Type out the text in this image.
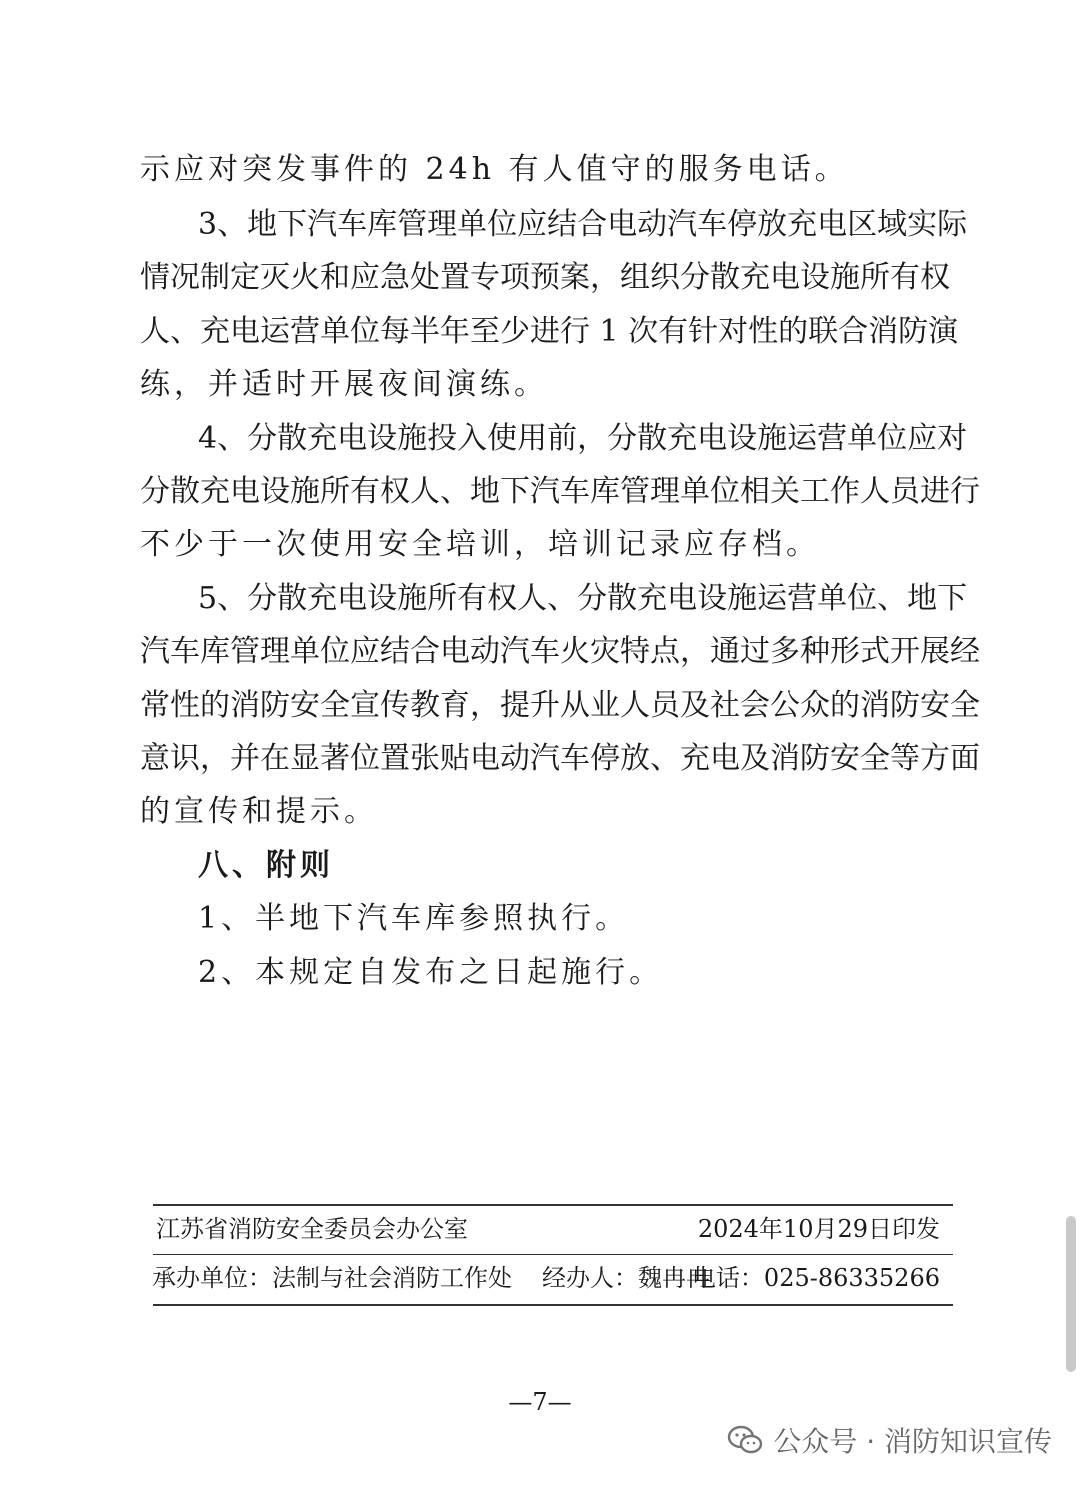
示应对突发事件的 24h 有人值守的服务电话。
3、地下汽车库管理单位应结合电动汽车停放充电区域实际
情况制定灭火和应急处置专项预案，组织分散充电设施所有权
人、充电运营单位每半年至少进行 1 次有针对性的联合消防演
练，并适时开展夜间演练。
4、分散充电设施投入使用前，分散充电设施运营单位应对
分散充电设施所有权人、地下汽车库管理单位相关工作人员进行
不少于一次使用安全培训，培训记录应存档。
5、分散充电设施所有权人、分散充电设施运营单位、地下
汽车库管理单位应结合电动汽车火灾特点，通过多种形式开展经
常性的消防安全宣传教育，提升从业人员及社会公众的消防安全
意识，并在显著位置张贴电动汽车停放、充电及消防安全等方面
的宣传和提示。
八、附则
1、半地下汽车库参照执行。
2、本规定自发布之日起施行。
江苏省消防安全委员会办公室	2024年10月29日印发
承办单位：法制与社会消防工作处 经办人：魏冉冉
电话：025-86335266
—7—
公众号 · 消防知识宣传
